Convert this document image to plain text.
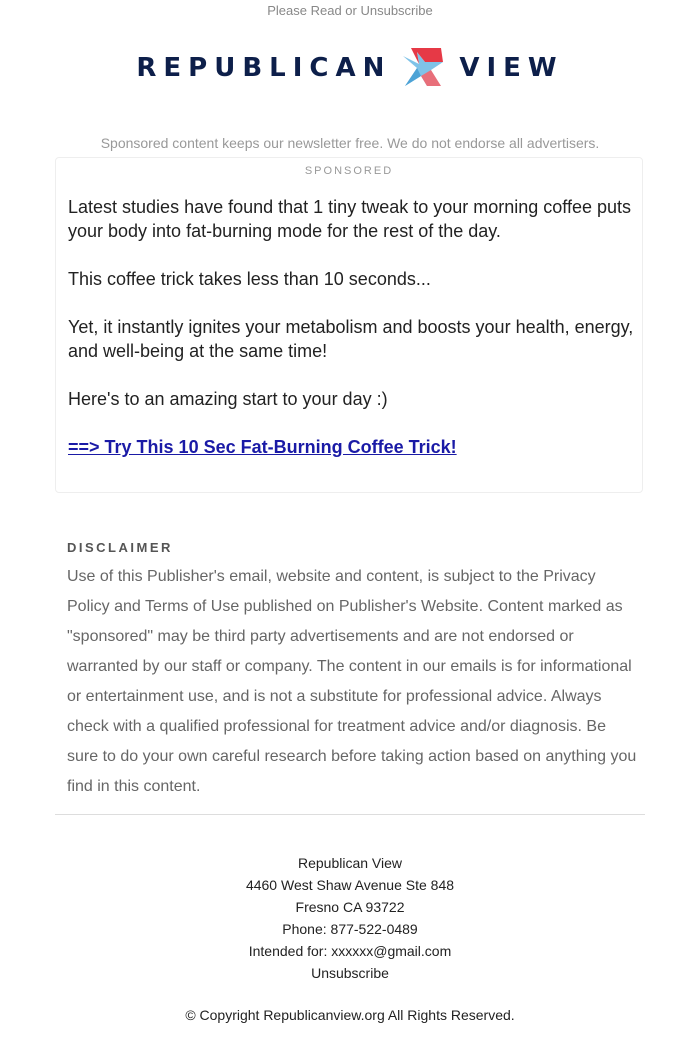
Please Read or Unsubscribe
REPUBLICAN	VIEW
Sponsored content keeps our newsletter free. We do not endorse all advertisers.
SPONSORED

Latest studies have found that 1 tiny tweak to your morning coffee puts your body into fat-burning mode for the rest of the day.

This coffee trick takes less than 10 seconds...

Yet, it instantly ignites your metabolism and boosts your health, energy, and well-being at the same time!

Here's to an amazing start to your day :)

==> Try This 10 Sec Fat-Burning Coffee Trick!

DISCLAIMER
Use of this Publisher's email, website and content, is subject to the Privacy Policy and Terms of Use published on Publisher's Website. Content marked as "sponsored" may be third party advertisements and are not endorsed or warranted by our staff or company. The content in our emails is for informational or entertainment use, and is not a substitute for professional advice. Always check with a qualified professional for treatment advice and/or diagnosis. Be sure to do your own careful research before taking action based on anything you find in this content.
Republican View
4460 West Shaw Avenue Ste 848
Fresno CA 93722
Phone: 877-522-0489
Intended for: xxxxxx@gmail.com
Unsubscribe
© Copyright Republicanview.org All Rights Reserved.
